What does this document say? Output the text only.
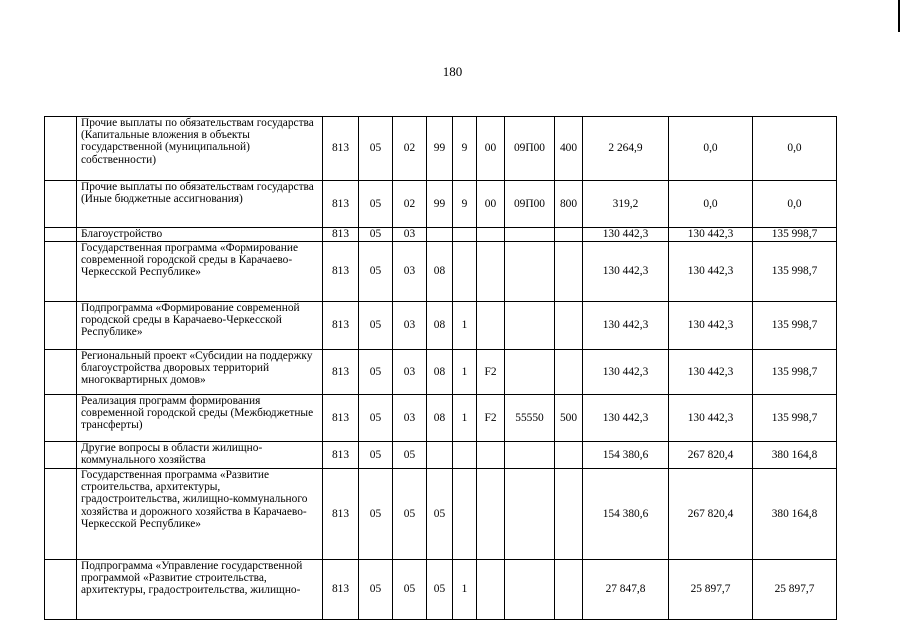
180
	Прочие выплаты по обязательствам государства (Капитальные вложения в объекты государственной (муниципальной) собственности)	813	05	02	99	9	00	09П00	400	2 264,9	0,0	0,0
	Прочие выплаты по обязательствам государства (Иные бюджетные ассигнования)	813	05	02	99	9	00	09П00	800	319,2	0,0	0,0
	Благоустройство	813	05	03						130 442,3	130 442,3	135 998,7
	Государственная программа «Формирование современной городской среды в Карачаево-Черкесской Республике»	813	05	03	08					130 442,3	130 442,3	135 998,7
	Подпрограмма «Формирование современной городской среды в Карачаево-Черкесской Республике»	813	05	03	08	1				130 442,3	130 442,3	135 998,7
	Региональный проект «Субсидии на поддержку благоустройства дворовых территорий многоквартирных домов»	813	05	03	08	1	F2			130 442,3	130 442,3	135 998,7
	Реализация программ формирования современной городской среды (Межбюджетные трансферты)	813	05	03	08	1	F2	55550	500	130 442,3	130 442,3	135 998,7
	Другие вопросы в области жилищно-коммунального хозяйства	813	05	05						154 380,6	267 820,4	380 164,8
	Государственная программа «Развитие строительства, архитектуры, градостроительства, жилищно-коммунального хозяйства и дорожного хозяйства в Карачаево-Черкесской Республике»	813	05	05	05					154 380,6	267 820,4	380 164,8
	Подпрограмма «Управление государственной программой «Развитие строительства, архитектуры, градостроительства, жилищно-	813	05	05	05	1				27 847,8	25 897,7	25 897,7
